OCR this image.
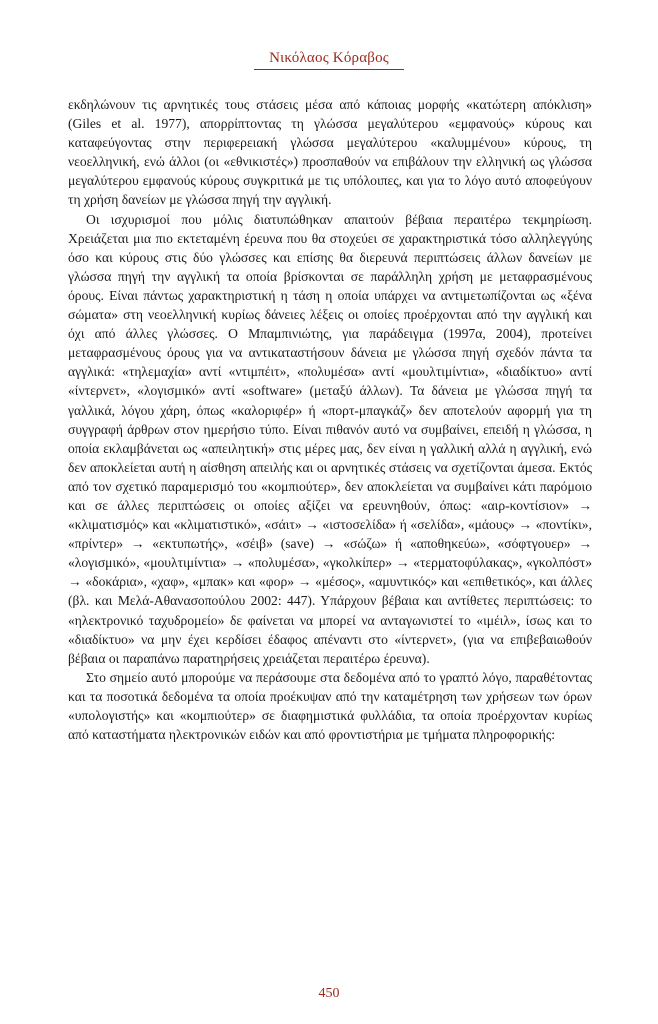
Νικόλαος Κόραβος

εκδηλώνουν τις αρνητικές τους στάσεις μέσα από κάποιας μορφής «κατώτερη απόκλιση» (Giles et al. 1977), απορρίπτοντας τη γλώσσα μεγαλύτερου «εμφανούς» κύρους και καταφεύγοντας στην περιφερειακή γλώσσα μεγαλύτερου «καλυμμένου» κύρους, τη νεοελληνική, ενώ άλλοι (οι «εθνικιστές») προσπαθούν να επιβάλουν την ελληνική ως γλώσσα μεγαλύτερου εμφανούς κύρους συγκριτικά με τις υπόλοιπες, και για το λόγο αυτό αποφεύγουν τη χρήση δανείων με γλώσσα πηγή την αγγλική.

Οι ισχυρισμοί που μόλις διατυπώθηκαν απαιτούν βέβαια περαιτέρω τεκμηρίωση. Χρειάζεται μια πιο εκτεταμένη έρευνα που θα στοχεύει σε χαρακτηριστικά τόσο αλληλεγγύης όσο και κύρους στις δύο γλώσσες και επίσης θα διερευνά περιπτώσεις άλλων δανείων με γλώσσα πηγή την αγγλική τα οποία βρίσκονται σε παράλληλη χρήση με μεταφρασμένους όρους. Είναι πάντως χαρακτηριστική η τάση η οποία υπάρχει να αντιμετωπίζονται ως «ξένα σώματα» στη νεοελληνική κυρίως δάνειες λέξεις οι οποίες προέρχονται από την αγγλική και όχι από άλλες γλώσσες. Ο Μπαμπινιώτης, για παράδειγμα (1997α, 2004), προτείνει μεταφρασμένους όρους για να αντικαταστήσουν δάνεια με γλώσσα πηγή σχεδόν πάντα τα αγγλικά: «τηλεμαχία» αντί «ντιμπέιτ», «πολυμέσα» αντί «μουλτιμίντια», «διαδίκτυο» αντί «ίντερνετ», «λογισμικό» αντί «software» (μεταξύ άλλων). Τα δάνεια με γλώσσα πηγή τα γαλλικά, λόγου χάρη, όπως «καλοριφέρ» ή «πορτ-μπαγκάζ» δεν αποτελούν αφορμή για τη συγγραφή άρθρων στον ημερήσιο τύπο. Είναι πιθανόν αυτό να συμβαίνει, επειδή η γλώσσα, η οποία εκλαμβάνεται ως «απειλητική» στις μέρες μας, δεν είναι η γαλλική αλλά η αγγλική, ενώ δεν αποκλείεται αυτή η αίσθηση απειλής και οι αρνητικές στάσεις να σχετίζονται άμεσα. Εκτός από τον σχετικό παραμερισμό του «κομπιούτερ», δεν αποκλείεται να συμβαίνει κάτι παρόμοιο και σε άλλες περιπτώσεις οι οποίες αξίζει να ερευνηθούν, όπως: «αιρ-κοντίσιον» → «κλιματισμός» και «κλιματιστικό», «σάιτ» → «ιστοσελίδα» ή «σελίδα», «μάους» → «ποντίκι», «πρίντερ» → «εκτυπωτής», «σέιβ» (save) → «σώζω» ή «αποθηκεύω», «σόφτγουερ» → «λογισμικό», «μουλτιμίντια» → «πολυμέσα», «γκολκίπερ» → «τερματοφύλακας», «γκολπόστ» → «δοκάρια», «χαφ», «μπακ» και «φορ» → «μέσος», «αμυντικός» και «επιθετικός», και άλλες (βλ. και Μελά-Αθανασοπούλου 2002: 447). Υπάρχουν βέβαια και αντίθετες περιπτώσεις: το «ηλεκτρονικό ταχυδρομείο» δε φαίνεται να μπορεί να ανταγωνιστεί το «ιμέιλ», ίσως και το «διαδίκτυο» να μην έχει κερδίσει έδαφος απέναντι στο «ίντερνετ», (για να επιβεβαιωθούν βέβαια οι παραπάνω παρατηρήσεις χρειάζεται περαιτέρω έρευνα).

Στο σημείο αυτό μπορούμε να περάσουμε στα δεδομένα από το γραπτό λόγο, παραθέτοντας και τα ποσοτικά δεδομένα τα οποία προέκυψαν από την καταμέτρηση των χρήσεων των όρων «υπολογιστής» και «κομπιούτερ» σε διαφημιστικά φυλλάδια, τα οποία προέρχονταν κυρίως από καταστήματα ηλεκτρονικών ειδών και από φροντιστήρια με τμήματα πληροφορικής:

450
